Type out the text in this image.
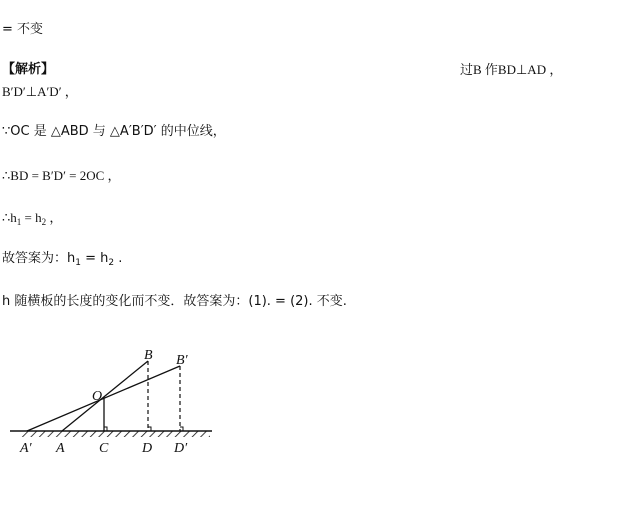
= 不变
【解析】	过B 作BD⊥AD ，
B′D′⊥A′D′ ，
∵OC 是 △ABD 与 △A′B′D′ 的中位线，
∴BD = B′D′ = 2OC ，
$\therefore h_1 = h_2$ ，
故答案为：$h_1 = h_2$ .
h 随横板的长度的变化而不变．故答案为：(1). = (2). 不变.
A′ A C D D′
O
B B′
